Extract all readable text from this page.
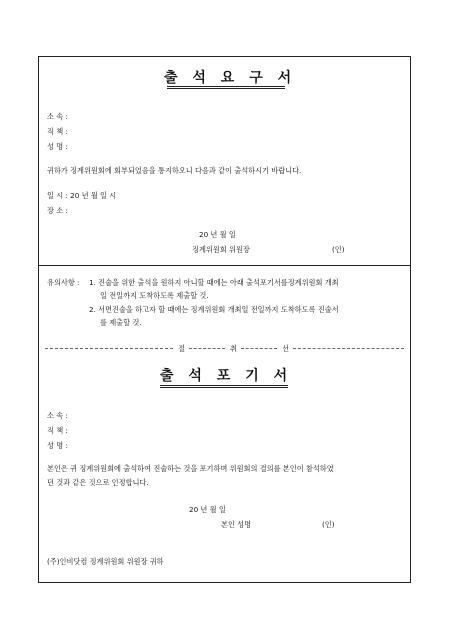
출 석 요 구 서
소 속 :
직 책 :
성 명 :
귀하가 징계위원회에 회부되었음을 통지하오니 다음과 같이 출석하시기 바랍니다.
일 시 : 20 년 월 일 시
장 소 :
20 년 월 일
징계위원회 위원장	(인)
유의사항 : 1. 진술을 위한 출석을 원하지 아니할 때에는 아래 출석포기서를징계위원회 개최
일 전일까지 도착하도록 제출할 것.
2. 서면진술을 하고자 할 때에는 징계위원회 개최일 전일까지 도착하도록 진술서
를 제출할 것.
절	취	선
출 석 포 기 서
소 속 :
직 책 :
성 명 :
본인은 귀 징계위원회에 출석하여 진술하는 것을 포기하며 위원회의 결의를 본인이 참석하였
던 것과 같은 것으로 인정합니다.
20 년 월 일
본인 성명	(인)
(주)인비닷컴 징계위원회 위원장 귀하
